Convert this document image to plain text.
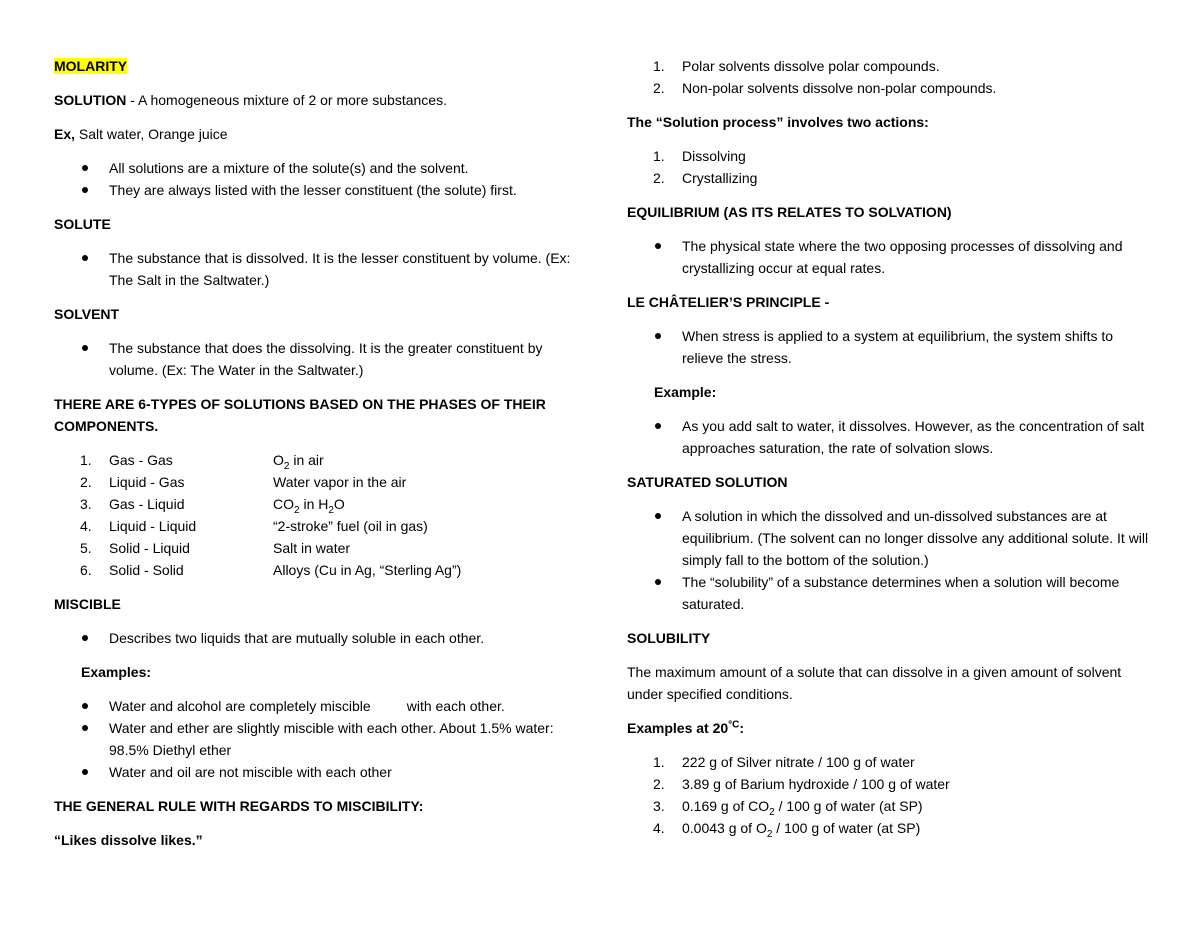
MOLARITY

SOLUTION - A homogeneous mixture of 2 or more substances.

Ex, Salt water, Orange juice

All solutions are a mixture of the solute(s) and the solvent.
They are always listed with the lesser constituent (the solute) first.

SOLUTE

The substance that is dissolved. It is the lesser constituent by volume. (Ex: The Salt in the Saltwater.)

SOLVENT

The substance that does the dissolving. It is the greater constituent by volume. (Ex: The Water in the Saltwater.)

THERE ARE 6-TYPES OF SOLUTIONS BASED ON THE PHASES OF THEIR COMPONENTS.

1. Gas - Gas	$O_2$ in air
2. Liquid - Gas	Water vapor in the air
3. Gas - Liquid	$CO_2$ in $H_2O$
4. Liquid - Liquid	“2-stroke” fuel (oil in gas)
5. Solid - Liquid	Salt in water
6. Solid - Solid	Alloys (Cu in Ag, “Sterling Ag”)

MISCIBLE

Describes two liquids that are mutually soluble in each other.

Examples:

Water and alcohol are completely miscible	with each other.
Water and ether are slightly miscible with each other. About 1.5% water: 98.5% Diethyl ether
Water and oil are not miscible with each other

THE GENERAL RULE WITH REGARDS TO MISCIBILITY:

“Likes dissolve likes.”

1. Polar solvents dissolve polar compounds.
2. Non-polar solvents dissolve non-polar compounds.

The “Solution process” involves two actions:

1. Dissolving
2. Crystallizing

EQUILIBRIUM (AS ITS RELATES TO SOLVATION)

The physical state where the two opposing processes of dissolving and crystallizing occur at equal rates.

LE CHÂTELIER’S PRINCIPLE -

When stress is applied to a system at equilibrium, the system shifts to relieve the stress.

Example:

As you add salt to water, it dissolves. However, as the concentration of salt approaches saturation, the rate of solvation slows.

SATURATED SOLUTION

A solution in which the dissolved and un-dissolved substances are at equilibrium. (The solvent can no longer dissolve any additional solute. It will simply fall to the bottom of the solution.)
The “solubility” of a substance determines when a solution will become saturated.

SOLUBILITY

The maximum amount of a solute that can dissolve in a given amount of solvent under specified conditions.

Examples at $20^{^\circ C}$:

1. 222 g of Silver nitrate / 100 g of water
2. 3.89 g of Barium hydroxide / 100 g of water
3. 0.169 g of $CO_2 / 100$ g of water (at SP)
4. 0.0043 g of $O_2 / 100$ g of water (at SP)
